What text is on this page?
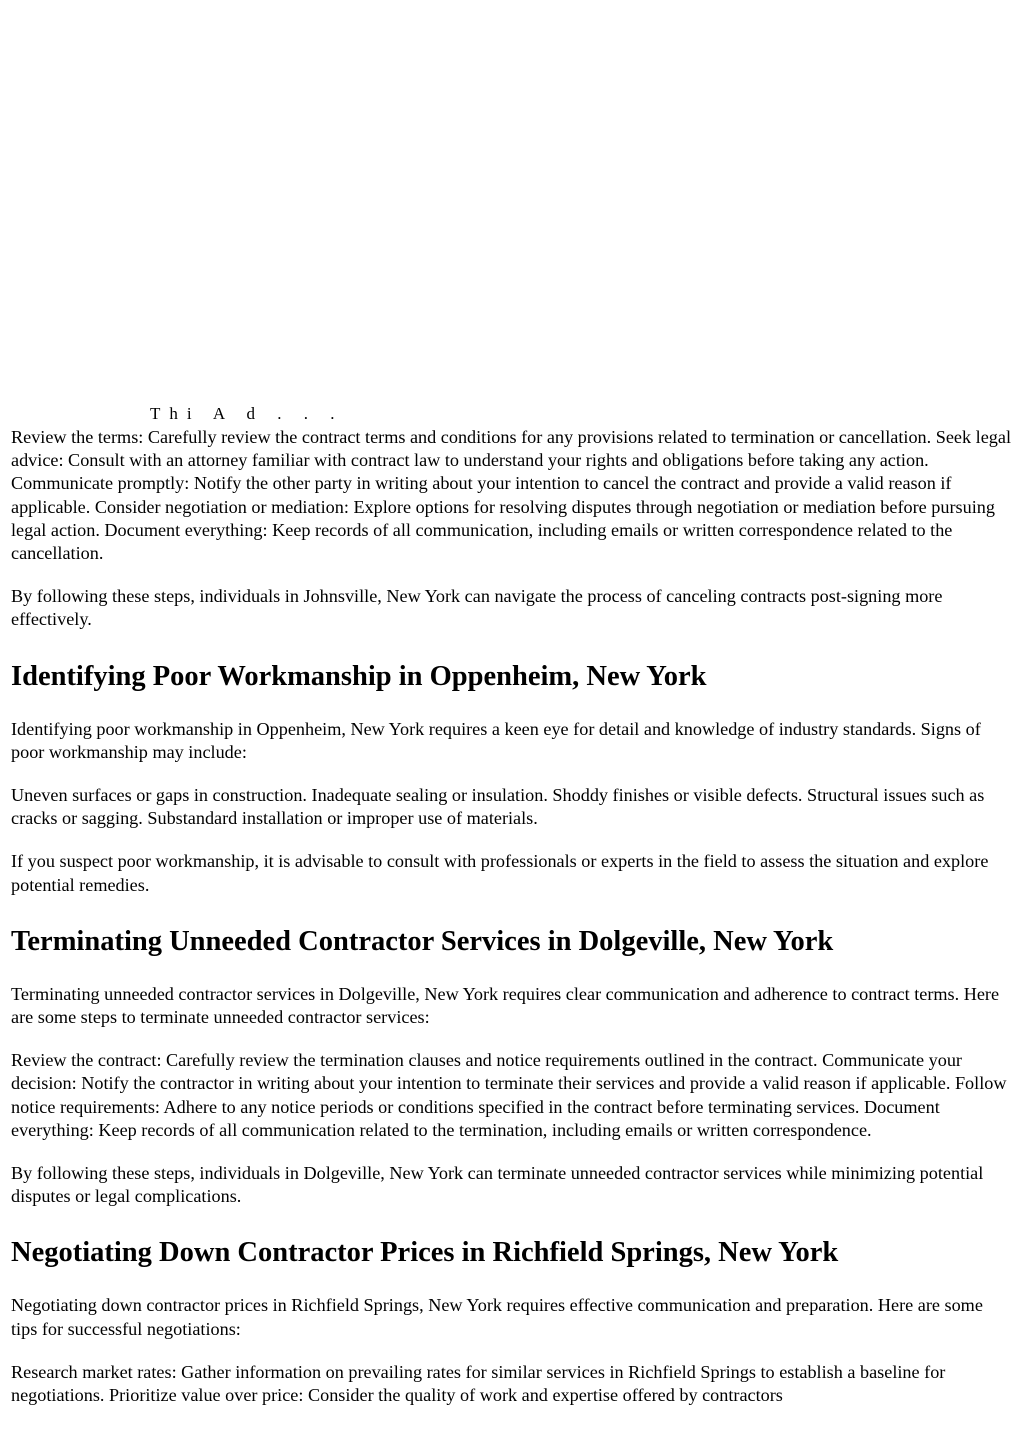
Thi A d . . .

Review the terms: Carefully review the contract terms and conditions for any provisions related to termination or cancellation. Seek legal advice: Consult with an attorney familiar with contract law to understand your rights and obligations before taking any action. Communicate promptly: Notify the other party in writing about your intention to cancel the contract and provide a valid reason if applicable. Consider negotiation or mediation: Explore options for resolving disputes through negotiation or mediation before pursuing legal action. Document everything: Keep records of all communication, including emails or written correspondence related to the cancellation.

By following these steps, individuals in Johnsville, New York can navigate the process of canceling contracts post-signing more effectively.

Identifying Poor Workmanship in Oppenheim, New York

Identifying poor workmanship in Oppenheim, New York requires a keen eye for detail and knowledge of industry standards. Signs of poor workmanship may include:

Uneven surfaces or gaps in construction. Inadequate sealing or insulation. Shoddy finishes or visible defects. Structural issues such as cracks or sagging. Substandard installation or improper use of materials.

If you suspect poor workmanship, it is advisable to consult with professionals or experts in the field to assess the situation and explore potential remedies.

Terminating Unneeded Contractor Services in Dolgeville, New York

Terminating unneeded contractor services in Dolgeville, New York requires clear communication and adherence to contract terms. Here are some steps to terminate unneeded contractor services:

Review the contract: Carefully review the termination clauses and notice requirements outlined in the contract. Communicate your decision: Notify the contractor in writing about your intention to terminate their services and provide a valid reason if applicable. Follow notice requirements: Adhere to any notice periods or conditions specified in the contract before terminating services. Document everything: Keep records of all communication related to the termination, including emails or written correspondence.

By following these steps, individuals in Dolgeville, New York can terminate unneeded contractor services while minimizing potential disputes or legal complications.

Negotiating Down Contractor Prices in Richfield Springs, New York

Negotiating down contractor prices in Richfield Springs, New York requires effective communication and preparation. Here are some tips for successful negotiations:

Research market rates: Gather information on prevailing rates for similar services in Richfield Springs to establish a baseline for negotiations. Prioritize value over price: Consider the quality of work and expertise offered by contractors
